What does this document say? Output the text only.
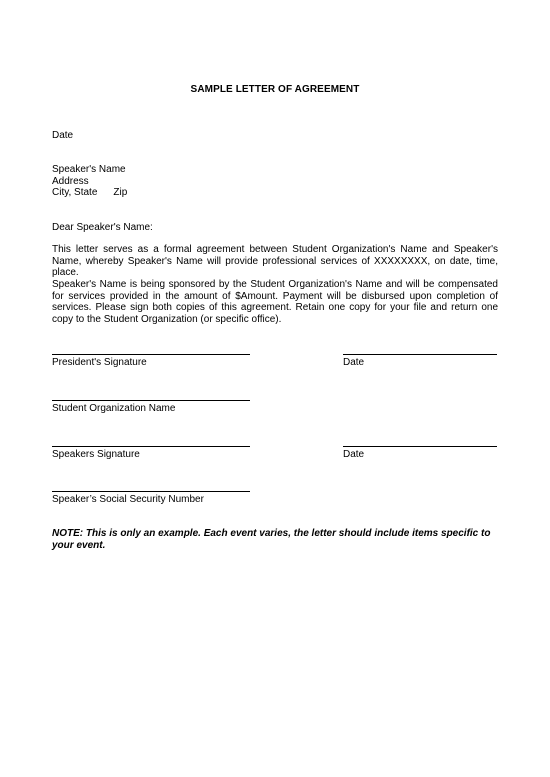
SAMPLE LETTER OF AGREEMENT
Date
Speaker's Name
Address
City, State Zip
Dear Speaker's Name:
This letter serves as a formal agreement between Student Organization's Name and Speaker's Name, whereby Speaker's Name will provide professional services of XXXXXXXX, on date, time, place.
Speaker's Name is being sponsored by the Student Organization's Name and will be compensated for services provided in the amount of $Amount. Payment will be disbursed upon completion of services. Please sign both copies of this agreement. Retain one copy for your file and return one copy to the Student Organization (or specific office).
President's Signature	Date
Student Organization Name
Speakers Signature	Date
Speaker’s Social Security Number
NOTE: This is only an example. Each event varies, the letter should include items specific to your event.
